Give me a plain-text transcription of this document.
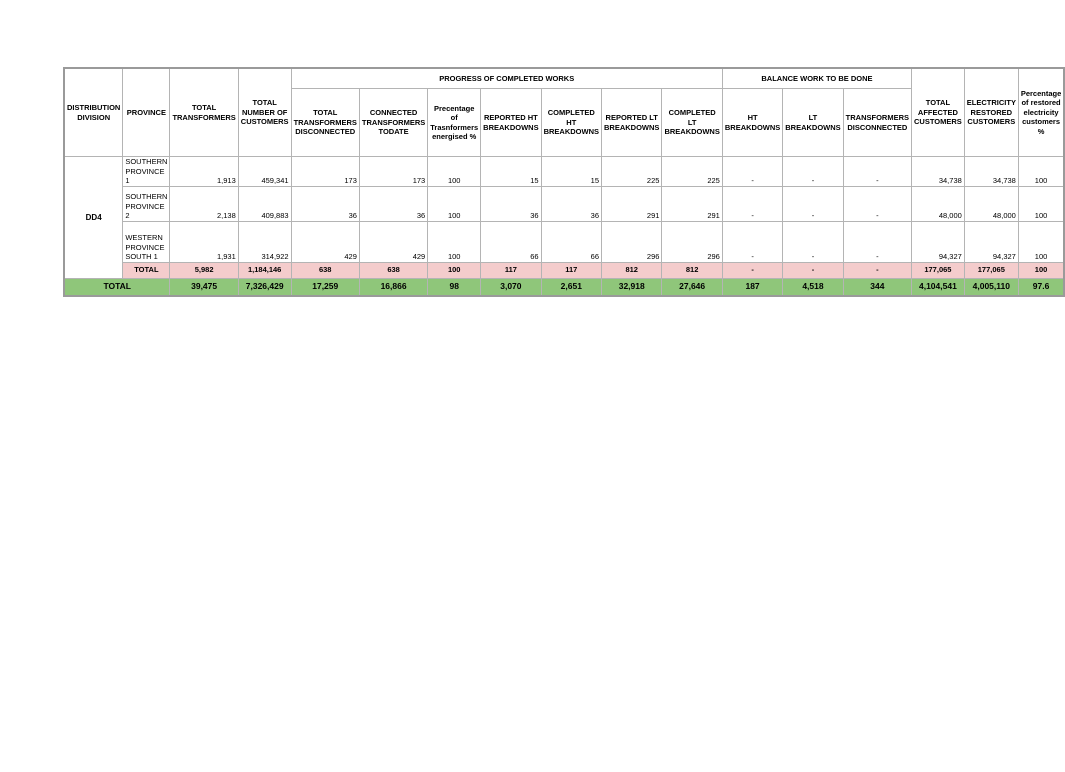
DISTRIBUTION DIVISION	PROVINCE	TOTAL TRANSFORMERS	TOTAL NUMBER OF CUSTOMERS	PROGRESS OF COMPLETED WORKS							BALANCE WORK TO BE DONE			TOTAL AFFECTED CUSTOMERS	ELECTRICITY RESTORED CUSTOMERS	Percentage of restored electricity customers %
				TOTAL TRANSFORMERS DISCONNECTED	CONNECTED TRANSFORMERS TODATE	Precentage of Trasnformers energised %	REPORTED HT BREAKDOWNS	COMPLETED HT BREAKDOWNS	REPORTED LT BREAKDOWNS	COMPLETED LT BREAKDOWNS	HT BREAKDOWNS	LT BREAKDOWNS	TRANSFORMERS DISCONNECTED			
DD4	SOUTHERN PROVINCE 1	1,913	459,341	173	173	100	15	15	225	225	-	-	-	34,738	34,738	100
	SOUTHERN PROVINCE 2	2,138	409,883	36	36	100	36	36	291	291	-	-	-	48,000	48,000	100
	WESTERN PROVINCE SOUTH 1	1,931	314,922	429	429	100	66	66	296	296	-	-	-	94,327	94,327	100
	TOTAL	5,982	1,184,146	638	638	100	117	117	812	812	-	-	-	177,065	177,065	100
TOTAL		39,475	7,326,429	17,259	16,866	98	3,070	2,651	32,918	27,646	187	4,518	344	4,104,541	4,005,110	97.6
